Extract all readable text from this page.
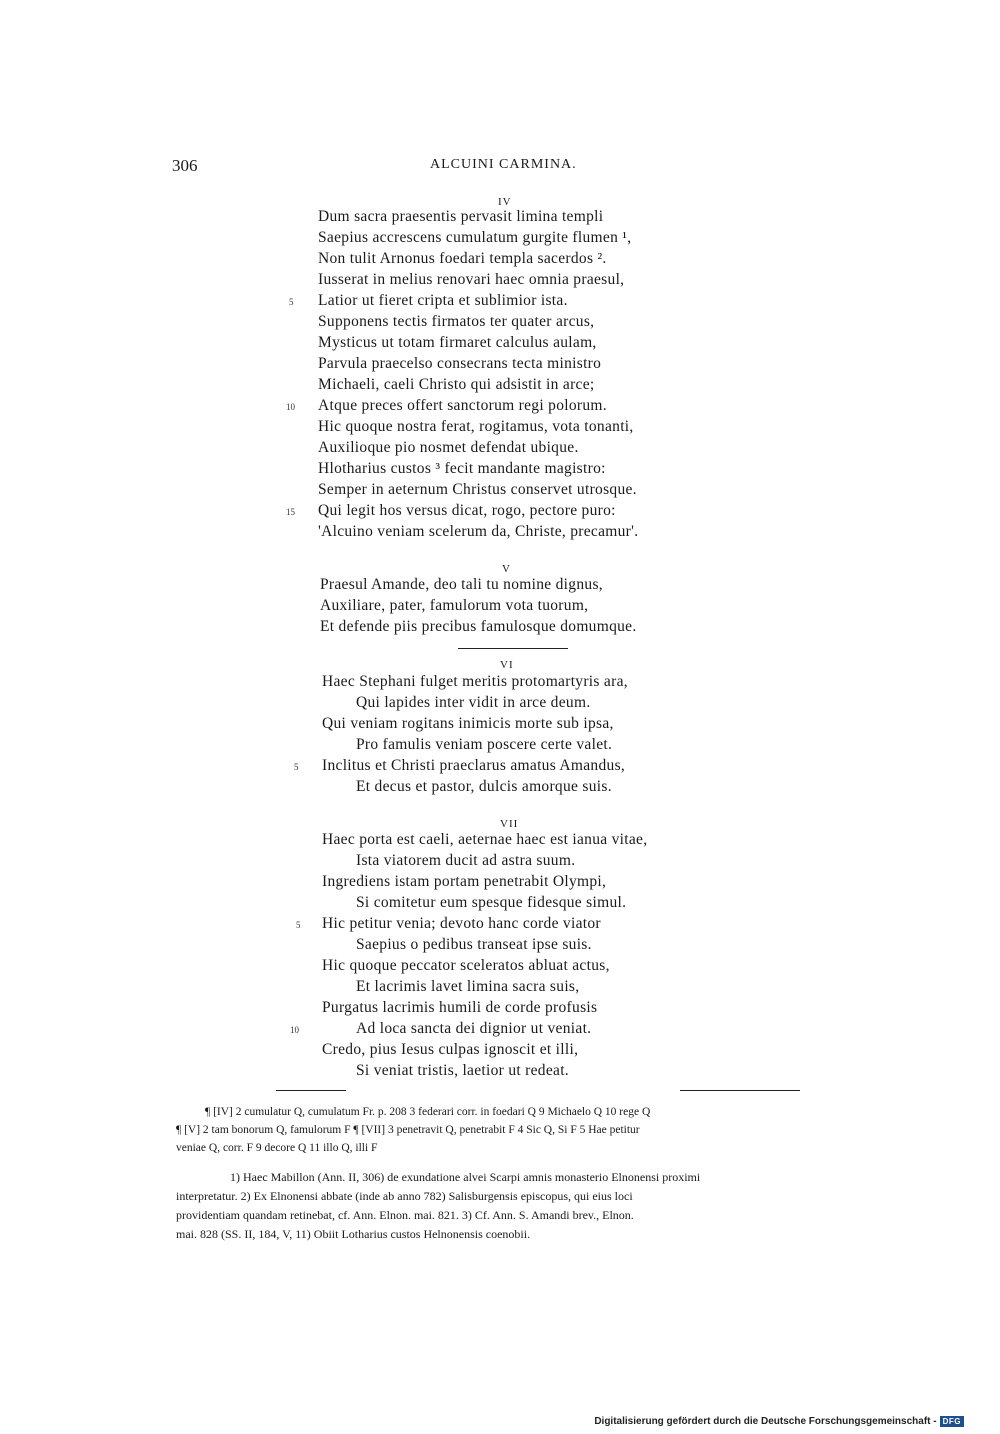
306	ALCUINI CARMINA.
IV
Dum sacra praesentis pervasit limina templi
Saepius accrescens cumulatum gurgite flumen ¹,
Non tulit Arnonus foedari templa sacerdos ².
Iusserat in melius renovari haec omnia praesul,
Latior ut fieret cripta et sublimior ista.
Supponens tectis firmatos ter quater arcus,
Mysticus ut totam firmaret calculus aulam,
Parvula praecelso consecrans tecta ministro
Michaeli, caeli Christo qui adsistit in arce;
Atque preces offert sanctorum regi polorum.
Hic quoque nostra ferat, rogitamus, vota tonanti,
Auxilioque pio nosmet defendat ubique.
Hlotharius custos ³ fecit mandante magistro:
Semper in aeternum Christus conservet utrosque.
Qui legit hos versus dicat, rogo, pectore puro:
'Alcuino veniam scelerum da, Christe, precamur'.
5
10
15
V
Praesul Amande, deo tali tu nomine dignus,
Auxiliare, pater, famulorum vota tuorum,
Et defende piis precibus famulosque domumque.
VI
Haec Stephani fulget meritis protomartyris ara,
Qui lapides inter vidit in arce deum.
Qui veniam rogitans inimicis morte sub ipsa,
Pro famulis veniam poscere certe valet.
Inclitus et Christi praeclarus amatus Amandus,
Et decus et pastor, dulcis amorque suis.
5
VII
Haec porta est caeli, aeternae haec est ianua vitae,
Ista viatorem ducit ad astra suum.
Ingrediens istam portam penetrabit Olympi,
Si comitetur eum spesque fidesque simul.
Hic petitur venia; devoto hanc corde viator
Saepius o pedibus transeat ipse suis.
Hic quoque peccator sceleratos abluat actus,
Et lacrimis lavet limina sacra suis,
Purgatus lacrimis humili de corde profusis
Ad loca sancta dei dignior ut veniat.
Credo, pius Iesus culpas ignoscit et illi,
Si veniat tristis, laetior ut redeat.
5
10
¶ [IV] 2 cumulatur Q, cumulatum Fr. p. 208 3 federari corr. in foedari Q 9 Michaelo Q 10 rege Q
¶ [V] 2 tam bonorum Q, famulorum F ¶ [VII] 3 penetravit Q, penetrabit F 4 Sic Q, Si F 5 Hae petitur
veniae Q, corr. F 9 decore Q 11 illo Q, illi F
1) Haec Mabillon (Ann. II, 306) de exundatione alvei Scarpi amnis monasterio Elnonensi proximi
interpretatur. 2) Ex Elnonensi abbate (inde ab anno 782) Salisburgensis episcopus, qui eius loci
providentiam quandam retinebat, cf. Ann. Elnon. mai. 821. 3) Cf. Ann. S. Amandi brev., Elnon.
mai. 828 (SS. II, 184, V, 11) Obiit Lotharius custos Helnonensis coenobii.
Digitalisierung gefördert durch die Deutsche Forschungsgemeinschaft - DFG
